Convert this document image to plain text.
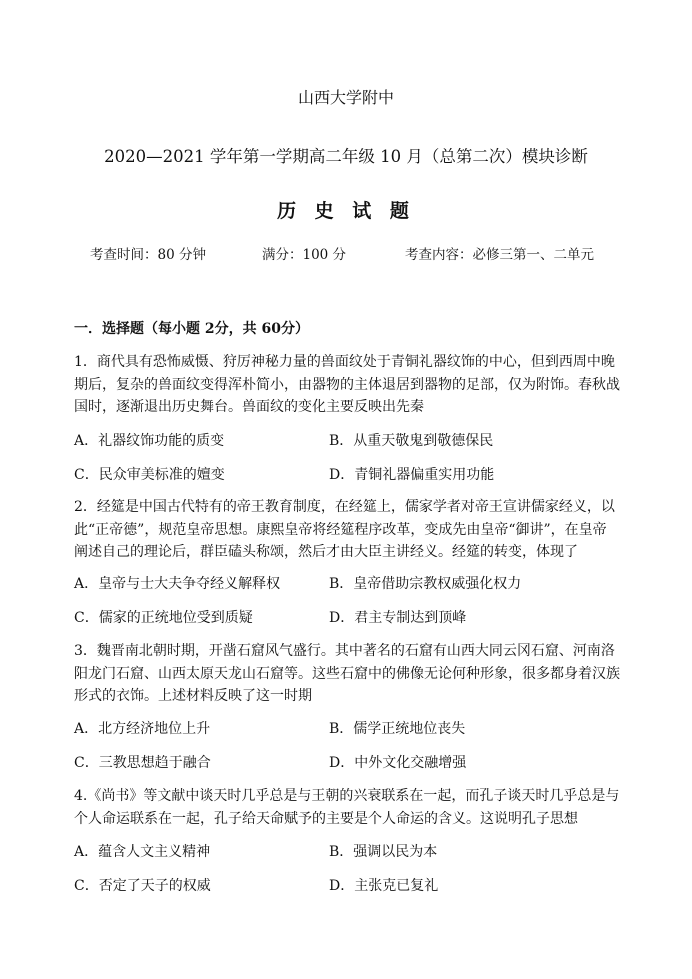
山西大学附中
2020—2021 学年第一学期高二年级 10 月（总第二次）模块诊断
历 史 试 题
考查时间：80 分钟	满分：100 分	考查内容：必修三第一、二单元
一．选择题（每小题 2分，共 60分）

1．商代具有恐怖威慑、狩厉神秘力量的兽面纹处于青铜礼器纹饰的中心，但到西周中晚

期后，复杂的兽面纹变得浑朴简小，由器物的主体退居到器物的足部，仅为附饰。春秋战

国时，逐渐退出历史舞台。兽面纹的变化主要反映出先秦

A．礼器纹饰功能的质变	B．从重天敬鬼到敬德保民
C．民众审美标准的嬗变	D．青铜礼器偏重实用功能

2．经筵是中国古代特有的帝王教育制度，在经筵上，儒家学者对帝王宣讲儒家经义，以

此“正帝德”，规范皇帝思想。康熙皇帝将经筵程序改革，变成先由皇帝“御讲”，在皇帝

阐述自己的理论后，群臣磕头称颂，然后才由大臣主讲经义。经筵的转变，体现了

A．皇帝与士大夫争夺经义解释权	B．皇帝借助宗教权威强化权力
C．儒家的正统地位受到质疑	D．君主专制达到顶峰

3．魏晋南北朝时期，开凿石窟风气盛行。其中著名的石窟有山西大同云冈石窟、河南洛

阳龙门石窟、山西太原天龙山石窟等。这些石窟中的佛像无论何种形象，很多都身着汉族

形式的衣饰。上述材料反映了这一时期

A．北方经济地位上升	B．儒学正统地位丧失
C．三教思想趋于融合	D．中外文化交融增强

4.《尚书》等文献中谈天时几乎总是与王朝的兴衰联系在一起，而孔子谈天时几乎总是与

个人命运联系在一起，孔子给天命赋予的主要是个人命运的含义。这说明孔子思想

A．蕴含人文主义精神	B．强调以民为本
C．否定了天子的权威	D．主张克已复礼
